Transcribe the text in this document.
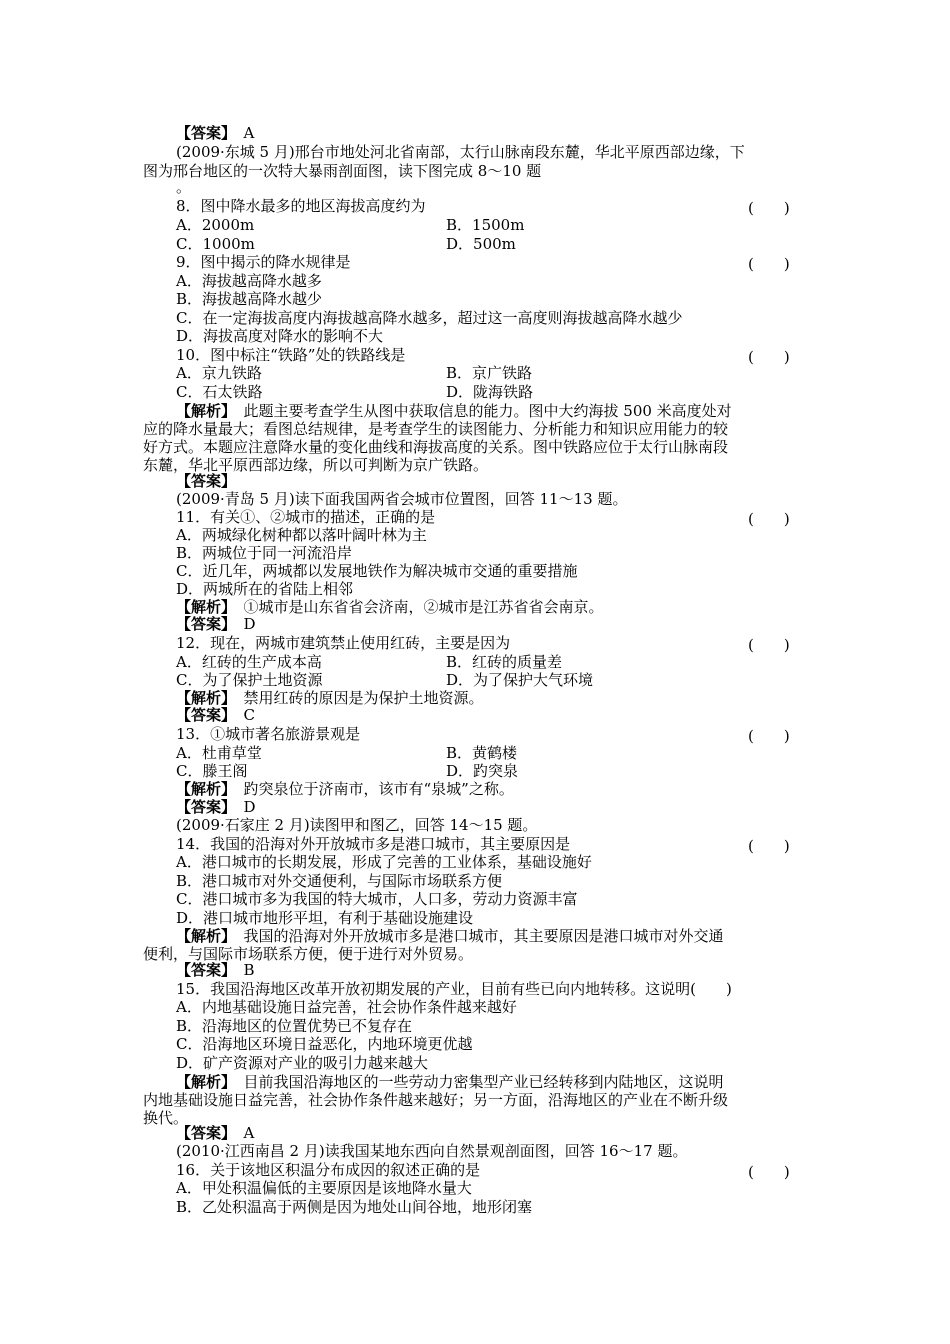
【答案】　A
(2009·东城 5 月)邢台市地处河北省南部，太行山脉南段东麓，华北平原西部边缘，下
图为邢台地区的一次特大暴雨剖面图，读下图完成 8～10 题
。
8．图中降水最多的地区海拔高度约为	(　　)
A．2000m	B．1500m
C．1000m	D．500m
9．图中揭示的降水规律是	(　　)
A．海拔越高降水越多
B．海拔越高降水越少
C．在一定海拔高度内海拔越高降水越多，超过这一高度则海拔越高降水越少
D．海拔高度对降水的影响不大
10．图中标注“铁路”处的铁路线是	(　　)
A．京九铁路	B．京广铁路
C．石太铁路	D．陇海铁路
【解析】　此题主要考查学生从图中获取信息的能力。图中大约海拔 500 米高度处对
应的降水量最大；看图总结规律，是考查学生的读图能力、分析能力和知识应用能力的较
好方式。本题应注意降水量的变化曲线和海拔高度的关系。图中铁路应位于太行山脉南段
东麓，华北平原西部边缘，所以可判断为京广铁路。
【答案】
(2009·青岛 5 月)读下面我国两省会城市位置图，回答 11～13 题。
11．有关①、②城市的描述，正确的是	(　　)
A．两城绿化树种都以落叶阔叶林为主
B．两城位于同一河流沿岸
C．近几年，两城都以发展地铁作为解决城市交通的重要措施
D．两城所在的省陆上相邻
【解析】　①城市是山东省省会济南，②城市是江苏省省会南京。
【答案】　D
12．现在，两城市建筑禁止使用红砖，主要是因为	(　　)
A．红砖的生产成本高	B．红砖的质量差
C．为了保护土地资源	D．为了保护大气环境
【解析】　禁用红砖的原因是为保护土地资源。
【答案】　C
13．①城市著名旅游景观是	(　　)
A．杜甫草堂	B．黄鹤楼
C．滕王阁	D．趵突泉
【解析】　趵突泉位于济南市，该市有“泉城”之称。
【答案】　D
(2009·石家庄 2 月)读图甲和图乙，回答 14～15 题。
14．我国的沿海对外开放城市多是港口城市，其主要原因是	(　　)
A．港口城市的长期发展，形成了完善的工业体系，基础设施好
B．港口城市对外交通便利，与国际市场联系方便
C．港口城市多为我国的特大城市，人口多，劳动力资源丰富
D．港口城市地形平坦，有利于基础设施建设
【解析】　我国的沿海对外开放城市多是港口城市，其主要原因是港口城市对外交通
便利，与国际市场联系方便，便于进行对外贸易。
【答案】　B
15．我国沿海地区改革开放初期发展的产业，目前有些已向内地转移。这说明(　　)
A．内地基础设施日益完善，社会协作条件越来越好
B．沿海地区的位置优势已不复存在
C．沿海地区环境日益恶化，内地环境更优越
D．矿产资源对产业的吸引力越来越大
【解析】　目前我国沿海地区的一些劳动力密集型产业已经转移到内陆地区，这说明
内地基础设施日益完善，社会协作条件越来越好；另一方面，沿海地区的产业在不断升级
换代。
【答案】　A
(2010·江西南昌 2 月)读我国某地东西向自然景观剖面图，回答 16～17 题。
16．关于该地区积温分布成因的叙述正确的是	(　　)
A．甲处积温偏低的主要原因是该地降水量大
B．乙处积温高于两侧是因为地处山间谷地，地形闭塞
